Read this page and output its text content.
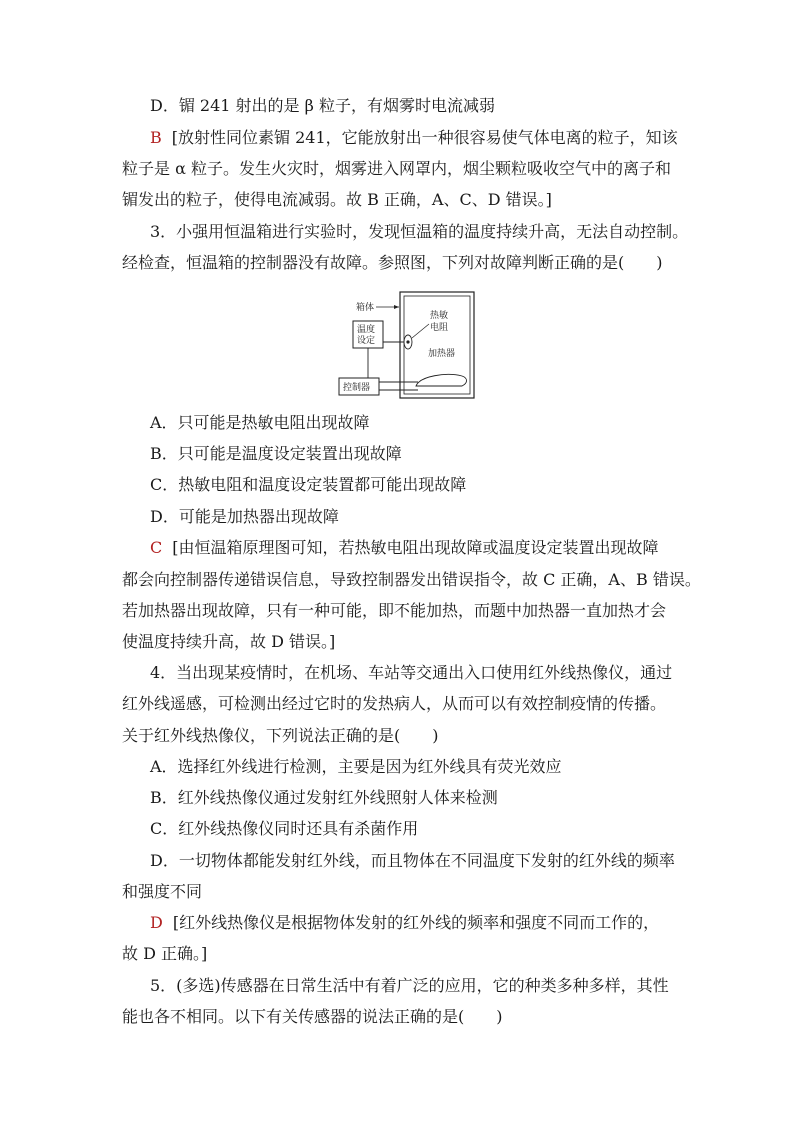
D．镅 241 射出的是 β 粒子，有烟雾时电流减弱
B [放射性同位素镅 241，它能放射出一种很容易使气体电离的粒子，知该
粒子是 α 粒子。发生火灾时，烟雾进入网罩内，烟尘颗粒吸收空气中的离子和
镅发出的粒子，使得电流减弱。故 B 正确，A、C、D 错误。]
3．小强用恒温箱进行实验时，发现恒温箱的温度持续升高，无法自动控制。
经检查，恒温箱的控制器没有故障。参照图，下列对故障判断正确的是(　　)
箱体
温度
设定
热敏
电阻
加热器
控制器
A．只可能是热敏电阻出现故障
B．只可能是温度设定装置出现故障
C．热敏电阻和温度设定装置都可能出现故障
D．可能是加热器出现故障
C [由恒温箱原理图可知，若热敏电阻出现故障或温度设定装置出现故障
都会向控制器传递错误信息，导致控制器发出错误指令，故 C 正确，A、B 错误。
若加热器出现故障，只有一种可能，即不能加热，而题中加热器一直加热才会
使温度持续升高，故 D 错误。]
4．当出现某疫情时，在机场、车站等交通出入口使用红外线热像仪，通过
红外线遥感，可检测出经过它时的发热病人，从而可以有效控制疫情的传播。
关于红外线热像仪，下列说法正确的是(　　)
A．选择红外线进行检测，主要是因为红外线具有荧光效应
B．红外线热像仪通过发射红外线照射人体来检测
C．红外线热像仪同时还具有杀菌作用
D．一切物体都能发射红外线，而且物体在不同温度下发射的红外线的频率
和强度不同
D [红外线热像仪是根据物体发射的红外线的频率和强度不同而工作的，
故 D 正确。]
5．(多选)传感器在日常生活中有着广泛的应用，它的种类多种多样，其性
能也各不相同。以下有关传感器的说法正确的是(　　)
